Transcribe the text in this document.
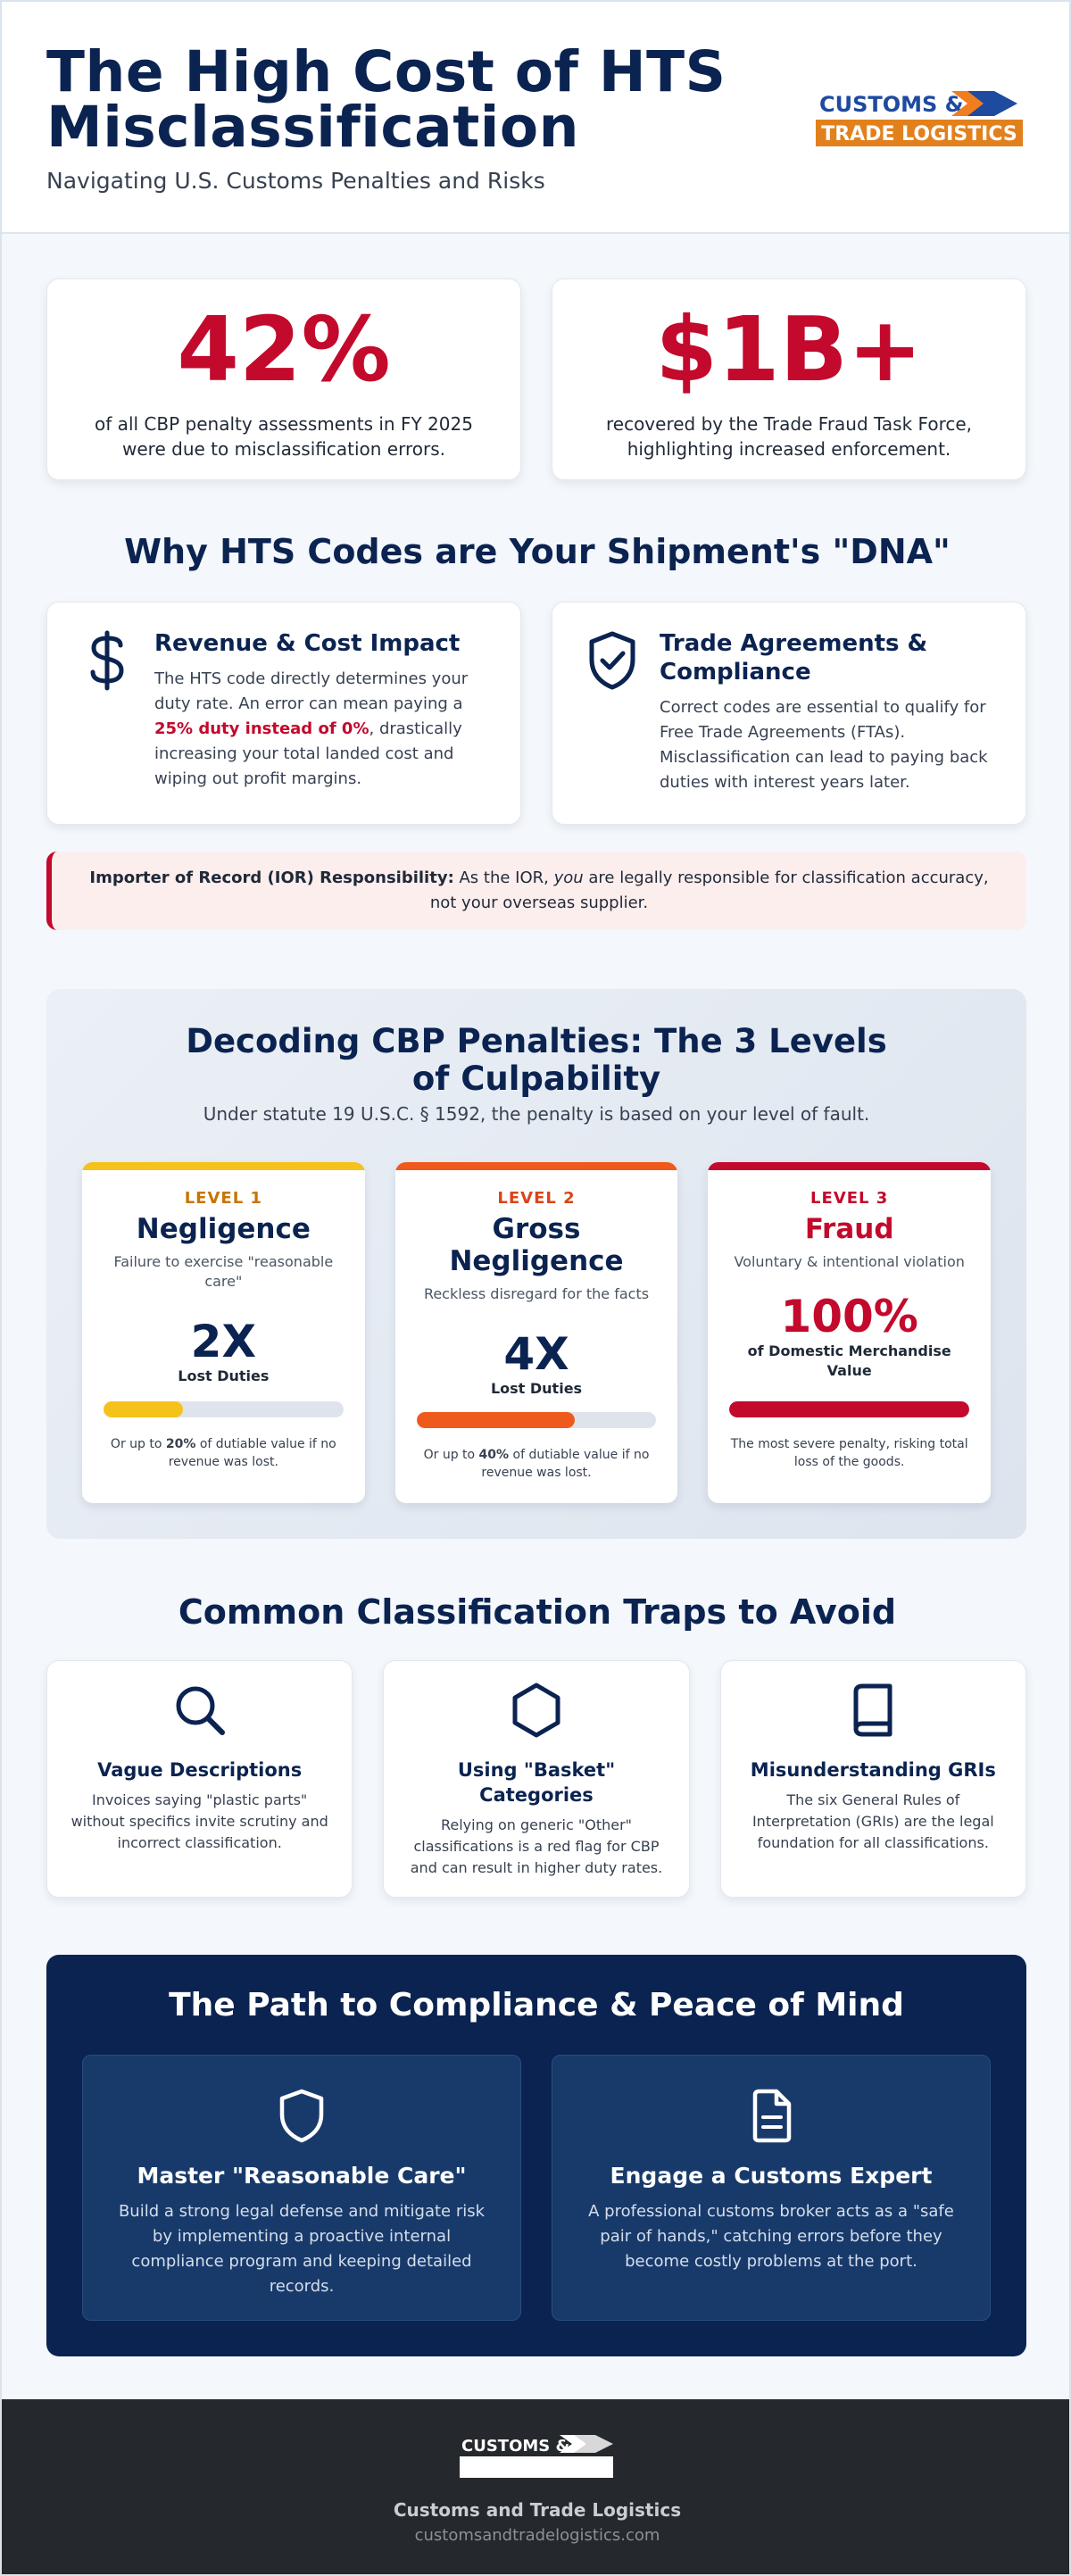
The High Cost of HTS Misclassification
Navigating U.S. Customs Penalties and Risks
CUSTOMS &
TRADE LOGISTICS
42%
of all CBP penalty assessments in FY 2025 were due to misclassification errors.
$1B+
recovered by the Trade Fraud Task Force, highlighting increased enforcement.
Why HTS Codes are Your Shipment's "DNA"
Revenue & Cost Impact

The HTS code directly determines your duty rate. An error can mean paying a 25% duty instead of 0%, drastically increasing your total landed cost and wiping out profit margins.

Trade Agreements & Compliance

Correct codes are essential to qualify for Free Trade Agreements (FTAs). Misclassification can lead to paying back duties with interest years later.

Importer of Record (IOR) Responsibility: As the IOR, you are legally responsible for classification accuracy, not your overseas supplier.
Decoding CBP Penalties: The 3 Levels of Culpability
Under statute 19 U.S.C. § 1592, the penalty is based on your level of fault.
LEVEL 1
Negligence
Failure to exercise "reasonable care"
2X
Lost Duties
Or up to 20% of dutiable value if no revenue was lost.
LEVEL 2
Gross Negligence
Reckless disregard for the facts
4X
Lost Duties
Or up to 40% of dutiable value if no revenue was lost.
LEVEL 3
Fraud
Voluntary & intentional violation
100%
of Domestic Merchandise Value
The most severe penalty, risking total loss of the goods.
Common Classification Traps to Avoid
Vague Descriptions

Invoices saying "plastic parts" without specifics invite scrutiny and incorrect classification.

Using "Basket" Categories

Relying on generic "Other" classifications is a red flag for CBP and can result in higher duty rates.

Misunderstanding GRIs

The six General Rules of Interpretation (GRIs) are the legal foundation for all classifications.

The Path to Compliance & Peace of Mind
Master "Reasonable Care"

Build a strong legal defense and mitigate risk by implementing a proactive internal compliance program and keeping detailed records.

Engage a Customs Expert

A professional customs broker acts as a "safe pair of hands," catching errors before they become costly problems at the port.

CUSTOMS &
Customs and Trade Logistics
customsandtradelogistics.com
